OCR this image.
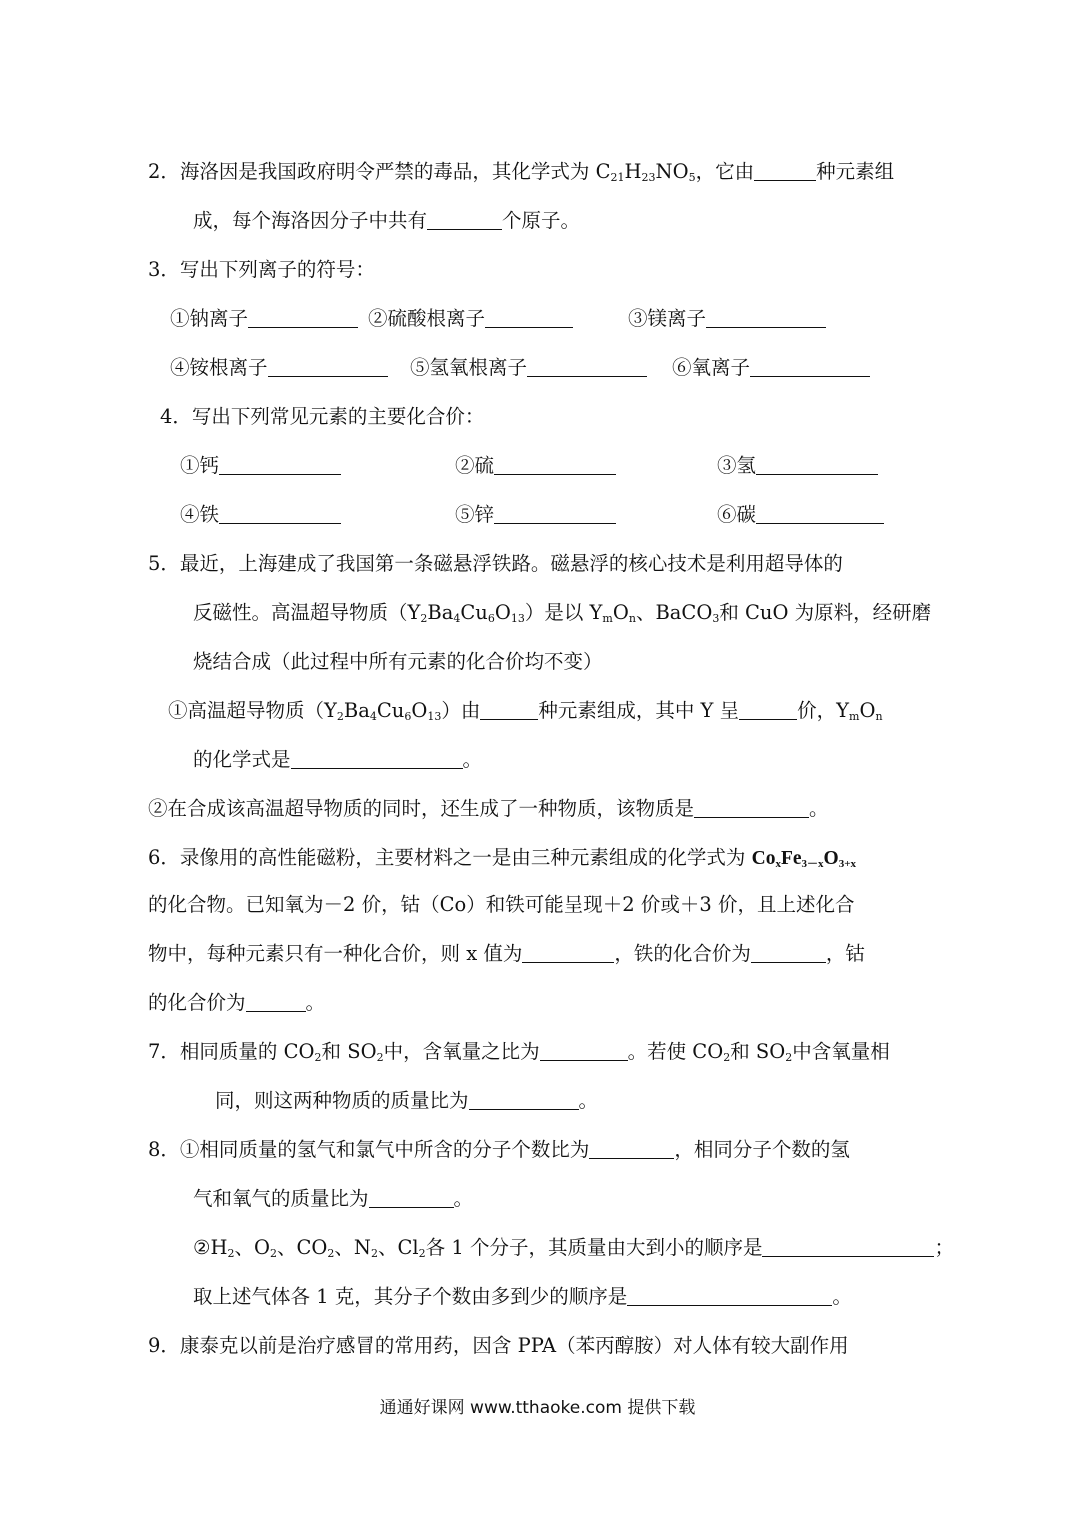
2．海洛因是我国政府明令严禁的毒品，其化学式为 $C_{21}H_{23}NO_5$，它由	种元素组
成，每个海洛因分子中共有	个原子。
3．写出下列离子的符号：
①钠离子	②硫酸根离子	③镁离子
④铵根离子	⑤氢氧根离子	⑥氧离子
4．写出下列常见元素的主要化合价：
①钙	②硫	③氢
④铁	⑤锌	⑥碳
5．最近，上海建成了我国第一条磁悬浮铁路。磁悬浮的核心技术是利用超导体的
反磁性。高温超导物质$(Y_2Ba_4Cu_6O_{13})$是以 $Y_mO_n$、BaCO$_3$和 CuO 为原料，经研磨
烧结合成（此过程中所有元素的化合价均不变）
①高温超导物质$(Y_2Ba_4Cu_6O_{13})$由	种元素组成，其中 Y 呈	价，$Y_mO_n$
的化学式是	。
②在合成该高温超导物质的同时，还生成了一种物质，该物质是	。
6．录像用的高性能磁粉，主要材料之一是由三种元素组成的化学式为 $Co_xFe_{3-x}O_{3+x}$
的化合物。已知氧为－2 价，钴（Co）和铁可能呈现＋2 价或＋3 价，且上述化合
物中，每种元素只有一种化合价，则 x 值为	，铁的化合价为	，钴
的化合价为	。
7．相同质量的 $CO_2$和 $SO_2$中，含氧量之比为	。若使 $CO_2$和 $SO_2$中含氧量相
同，则这两种物质的质量比为	。
8．①相同质量的氢气和氯气中所含的分子个数比为	，相同分子个数的氢
气和氧气的质量比为	。
$②H_2$、$O_2$、$CO_2$、$N_2$、$Cl_2$各 1 个分子，其质量由大到小的顺序是	；
取上述气体各 1 克，其分子个数由多到少的顺序是	。
9．康泰克以前是治疗感冒的常用药，因含 PPA（苯丙醇胺）对人体有较大副作用
通通好课网 www.tthaoke.com 提供下载
